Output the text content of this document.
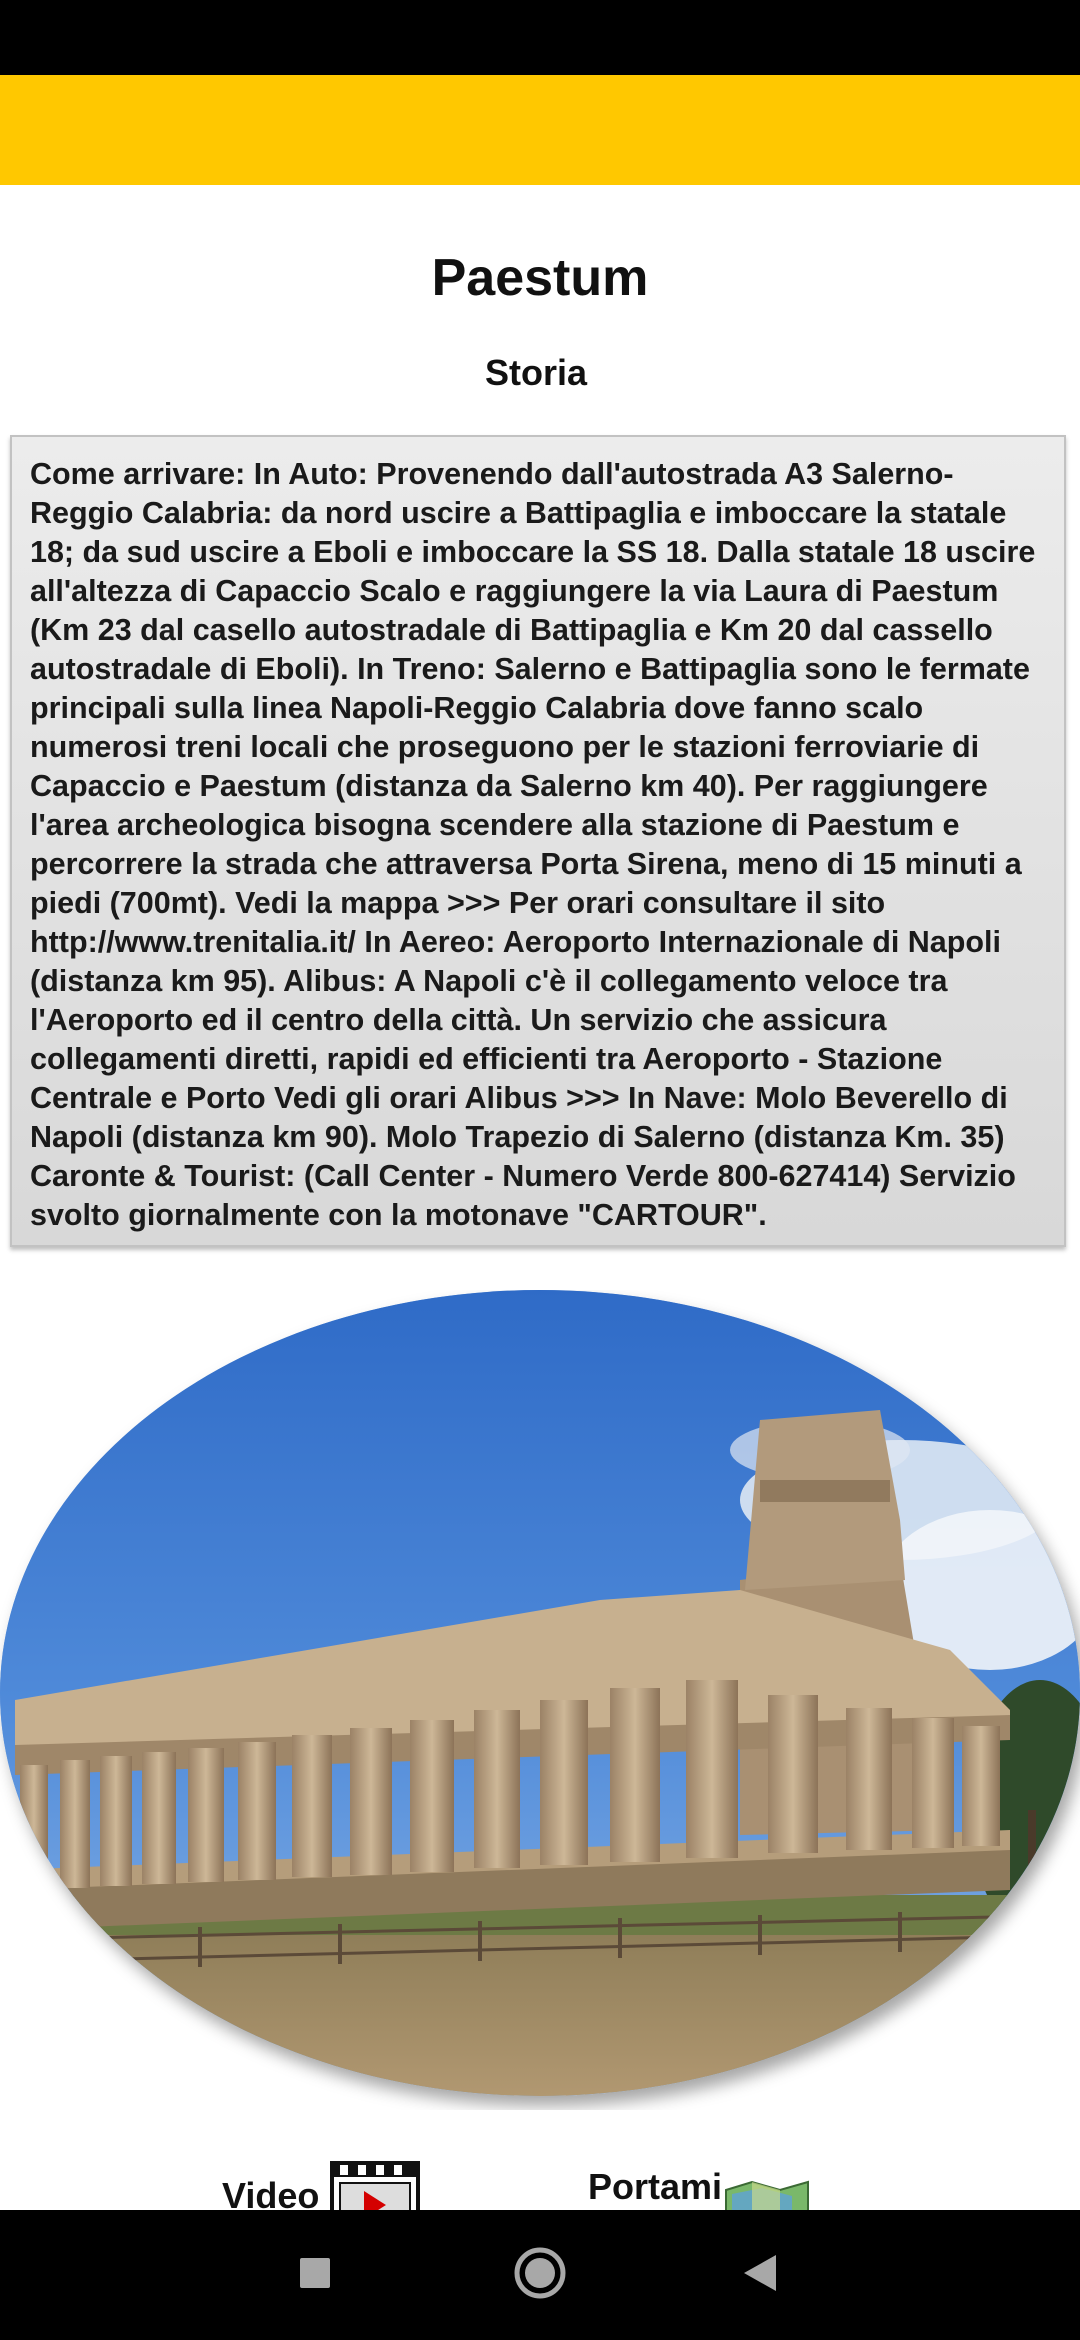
Paestum
Storia

Come arrivare: In Auto: Provenendo dall'autostrada A3 Salerno-Reggio Calabria: da nord uscire a Battipaglia e imboccare la statale 18; da sud uscire a Eboli e imboccare la SS 18. Dalla statale 18 uscire all'altezza di Capaccio Scalo e raggiungere la via Laura di Paestum (Km 23 dal casello autostradale di Battipaglia e Km 20 dal cassello autostradale di Eboli). In Treno: Salerno e Battipaglia sono le fermate principali sulla linea Napoli-Reggio Calabria dove fanno scalo numerosi treni locali che proseguono per le stazioni ferroviarie di Capaccio e Paestum (distanza da Salerno km 40). Per raggiungere l'area archeologica bisogna scendere alla stazione di Paestum e percorrere la strada che attraversa Porta Sirena, meno di 15 minuti a piedi (700mt). Vedi la mappa >>> Per orari consultare il sito http://www.trenitalia.it/ In Aereo: Aeroporto Internazionale di Napoli (distanza km 95). Alibus: A Napoli c'è il collegamento veloce tra l'Aeroporto ed il centro della città. Un servizio che assicura collegamenti diretti, rapidi ed efficienti tra Aeroporto - Stazione Centrale e Porto Vedi gli orari Alibus >>> In Nave: Molo Beverello di Napoli (distanza km 90). Molo Trapezio di Salerno (distanza Km. 35) Caronte & Tourist: (Call Center - Numero Verde 800-627414) Servizio svolto giornalmente con la motonave "CARTOUR".

Video	Portami
